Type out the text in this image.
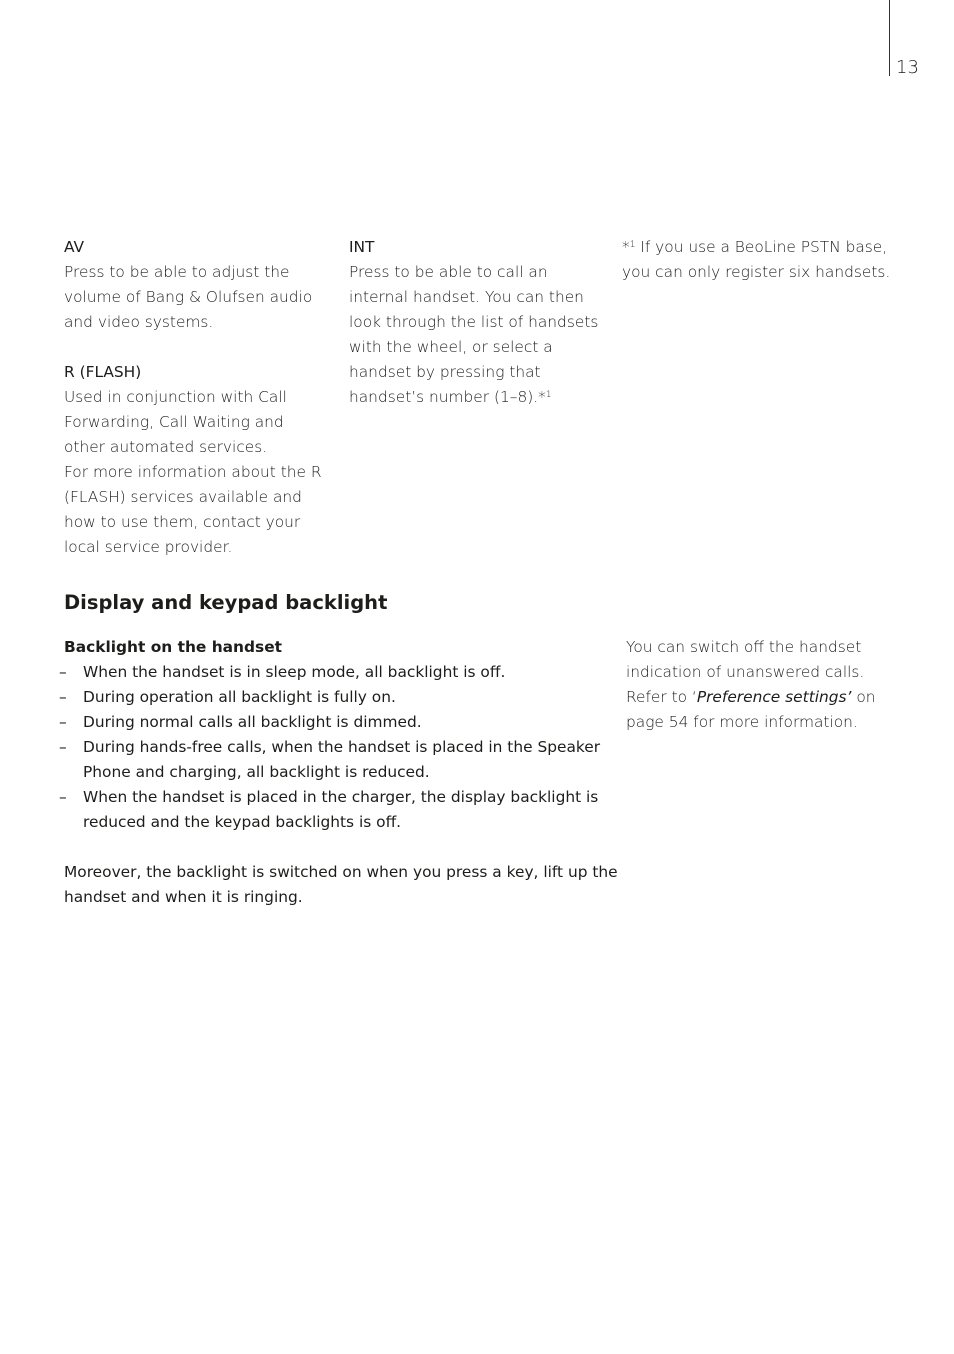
13

AV

Press to be able to adjust the volume of Bang & Olufsen audio and video systems.

R (FLASH)

Used in conjunction with Call Forwarding, Call Waiting and other automated services.

For more information about the R (FLASH) services available and how to use them, contact your local service provider.

INT

Press to be able to call an internal handset. You can then look through the list of handsets with the wheel, or select a handset by pressing that handset’s number (1–8).*$^1$

*$^1$ If you use a BeoLine PSTN base, you can only register six handsets.

Display and keypad backlight

Backlight on the handset

– When the handset is in sleep mode, all backlight is off.
– During operation all backlight is fully on.
– During normal calls all backlight is dimmed.
– During hands-free calls, when the handset is placed in the Speaker Phone and charging, all backlight is reduced.
– When the handset is placed in the charger, the display backlight is reduced and the keypad backlights is off.

Moreover, the backlight is switched on when you press a key, lift up the handset and when it is ringing.

You can switch off the handset indication of unanswered calls. Refer to ‘Preference settings’ on page 54 for more information.
